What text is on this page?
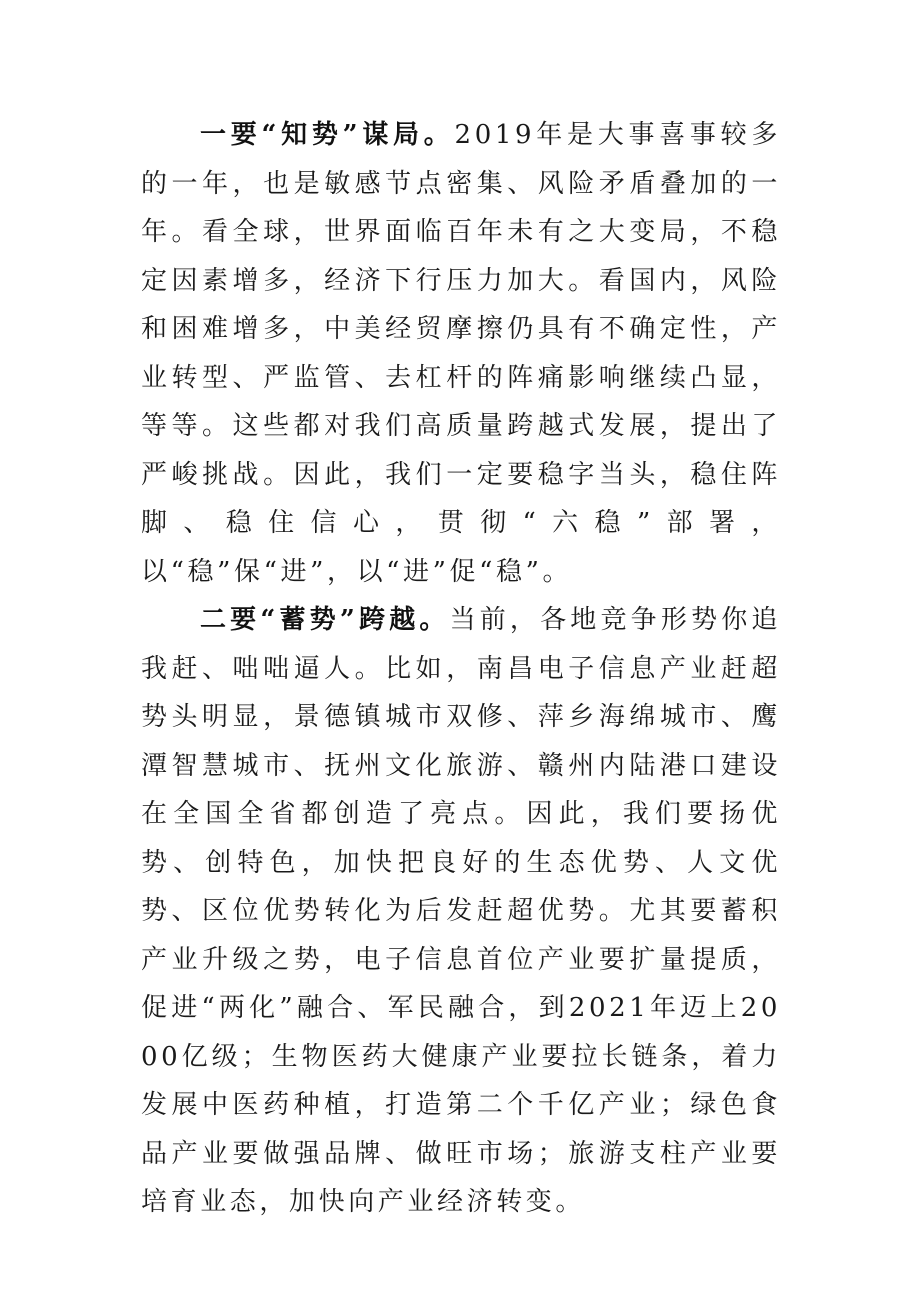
一要“知势”谋局。2019年是大事喜事较多的一年，也是敏感节点密集、风险矛盾叠加的一年。看全球，世界面临百年未有之大变局，不稳定因素增多，经济下行压力加大。看国内，风险和困难增多，中美经贸摩擦仍具有不确定性，产业转型、严监管、去杠杆的阵痛影响继续凸显，等等。这些都对我们高质量跨越式发展，提出了严峻挑战。因此，我们一定要稳字当头，稳住阵脚、稳住信心，贯彻“六稳”部署，以“稳”保“进”，以“进”促“稳”。

二要“蓄势”跨越。当前，各地竞争形势你追我赶、咄咄逼人。比如，南昌电子信息产业赶超势头明显，景德镇城市双修、萍乡海绵城市、鹰潭智慧城市、抚州文化旅游、赣州内陆港口建设在全国全省都创造了亮点。因此，我们要扬优势、创特色，加快把良好的生态优势、人文优势、区位优势转化为后发赶超优势。尤其要蓄积产业升级之势，电子信息首位产业要扩量提质，促进“两化”融合、军民融合，到2021年迈上2000亿级；生物医药大健康产业要拉长链条，着力发展中医药种植，打造第二个千亿产业；绿色食品产业要做强品牌、做旺市场；旅游支柱产业要培育业态，加快向产业经济转变。
